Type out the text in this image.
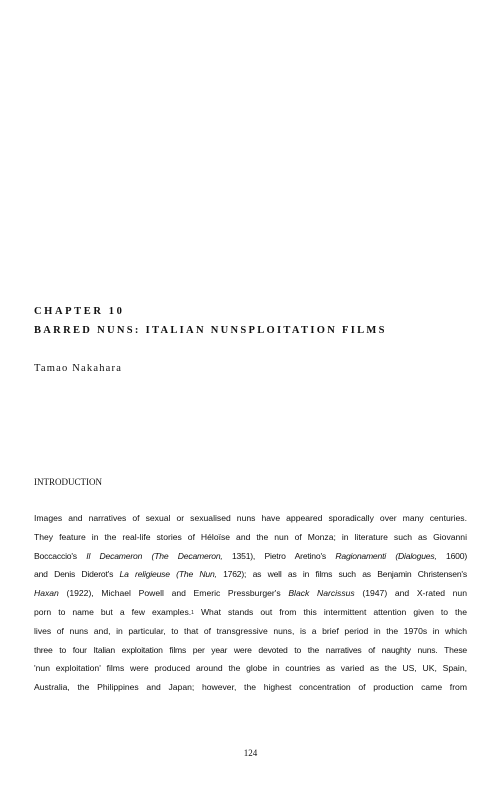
CHAPTER 10
BARRED NUNS: ITALIAN NUNSPLOITATION FILMS
Tamao Nakahara
INTRODUCTION
Images and narratives of sexual or sexualised nuns have appeared sporadically over many centuries.
They feature in the real-life stories of Héloïse and the nun of Monza; in literature such as Giovanni
Boccaccio's Il Decameron (The Decameron, 1351), Pietro Aretino's Ragionamenti (Dialogues, 1600)
and Denis Diderot's La religieuse (The Nun, 1762); as well as in films such as Benjamin Christensen's
Haxan (1922), Michael Powell and Emeric Pressburger's Black Narcissus (1947) and X-rated nun
porn to name but a few examples.$^1$ What stands out from this intermittent attention given to the
lives of nuns and, in particular, to that of transgressive nuns, is a brief period in the 1970s in which
three to four Italian exploitation films per year were devoted to the narratives of naughty nuns. These
'nun exploitation' films were produced around the globe in countries as varied as the US, UK, Spain,
Australia, the Philippines and Japan; however, the highest concentration of production came from
124
